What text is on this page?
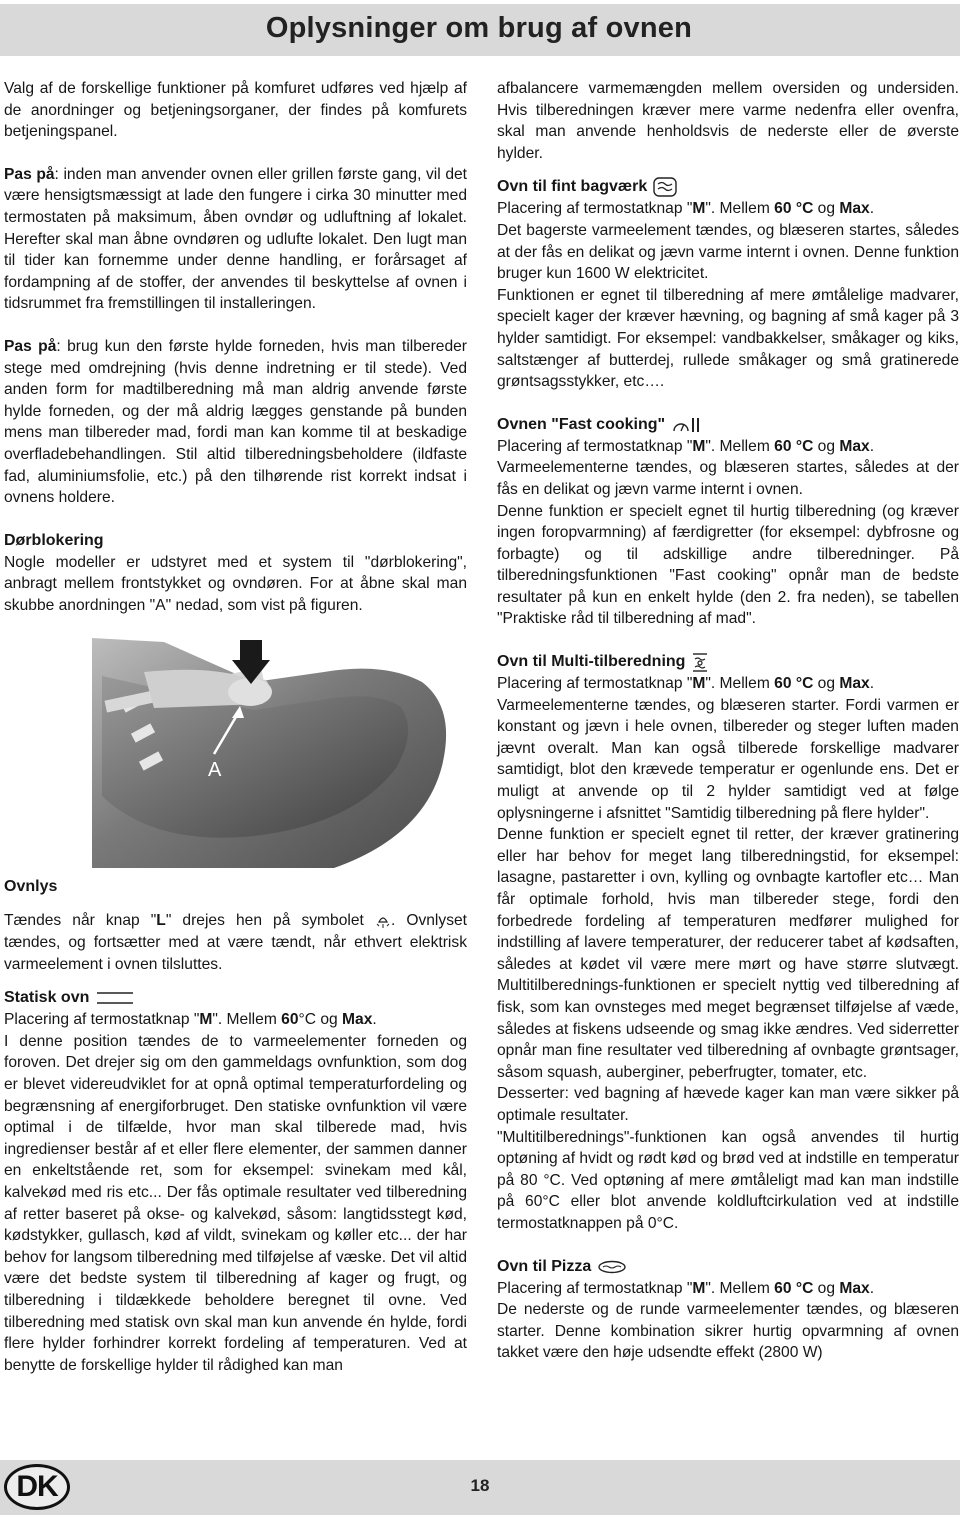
Oplysninger om brug af ovnen

Valg af de forskellige funktioner på komfuret udføres ved hjælp af de anordninger og betjeningsorganer, der findes på komfurets betjeningspanel.

Pas på: inden man anvender ovnen eller grillen første gang, vil det være hensigtsmæssigt at lade den fungere i cirka 30 minutter med termostaten på maksimum, åben ovndør og udluftning af lokalet. Herefter skal man åbne ovndøren og udlufte lokalet. Den lugt man til tider kan fornemme under denne handling, er forårsaget af fordampning af de stoffer, der anvendes til beskyttelse af ovnen i tidsrummet fra fremstillingen til installeringen.

Pas på: brug kun den første hylde forneden, hvis man tilbereder stege med omdrejning (hvis denne indretning er til stede). Ved anden form for madtilberedning må man aldrig anvende første hylde forneden, og der må aldrig lægges genstande på bunden mens man tilbereder mad, fordi man kan komme til at beskadige overfladebehandlingen. Stil altid tilberedningsbeholdere (ildfaste fad, aluminiumsfolie, etc.) på den tilhørende rist korrekt indsat i ovnens holdere.

Dørblokering

Nogle modeller er udstyret med et system til "dørblokering", anbragt mellem frontstykket og ovndøren. For at åbne skal man skubbe anordningen "A" nedad, som vist på figuren.

A
Ovnlys

Tændes når knap "L" drejes hen på symbolet . Ovnlyset tændes, og fortsætter med at være tændt, når ethvert elektrisk varmeelement i ovnen tilsluttes.

Statisk ovn

Placering af termostatknap "M". Mellem 60°C og Max.

I denne position tændes de to varmeelementer forneden og foroven. Det drejer sig om den gammeldags ovnfunktion, som dog er blevet videreudviklet for at opnå optimal temperaturfordeling og begrænsning af energiforbruget. Den statiske ovnfunktion vil være optimal i de tilfælde, hvor man skal tilberede mad, hvis ingredienser består af et eller flere elementer, der sammen danner en enkeltstående ret, som for eksempel: svinekam med kål, kalvekød med ris etc... Der fås optimale resultater ved tilberedning af retter baseret på okse- og kalvekød, såsom: langtidsstegt kød, kødstykker, gullasch, kød af vildt, svinekam og køller etc... der har behov for langsom tilberedning med tilføjelse af væske. Det vil altid være det bedste system til tilberedning af kager og frugt, og tilberedning i tildækkede beholdere beregnet til ovne. Ved tilberedning med statisk ovn skal man kun anvende én hylde, fordi flere hylder forhindrer korrekt fordeling af temperaturen. Ved at benytte de forskellige hylder til rådighed kan man

afbalancere varmemængden mellem oversiden og undersiden. Hvis tilberedningen kræver mere varme nedenfra eller ovenfra, skal man anvende henholdsvis de nederste eller de øverste hylder.

Ovn til fint bagværk

Placering af termostatknap "M". Mellem 60 °C og Max.

Det bagerste varmeelement tændes, og blæseren startes, således at der fås en delikat og jævn varme internt i ovnen. Denne funktion bruger kun 1600 W elektricitet.

Funktionen er egnet til tilberedning af mere ømtålelige madvarer, specielt kager der kræver hævning, og bagning af små kager på 3 hylder samtidigt. For eksempel: vandbakkelser, småkager og kiks, saltstænger af butterdej, rullede småkager og små gratinerede grøntsagsstykker, etc….

Ovnen "Fast cooking"

Placering af termostatknap "M". Mellem 60 °C og Max.

Varmeelementerne tændes, og blæseren startes, således at der fås en delikat og jævn varme internt i ovnen.

Denne funktion er specielt egnet til hurtig tilberedning (og kræver ingen foropvarmning) af færdigretter (for eksempel: dybfrosne og forbagte) og til adskillige andre tilberedninger. På tilberedningsfunktionen "Fast cooking" opnår man de bedste resultater på kun en enkelt hylde (den 2. fra neden), se tabellen "Praktiske råd til tilberedning af mad".

Ovn til Multi-tilberedning

Placering af termostatknap "M". Mellem 60 °C og Max.

Varmeelementerne tændes, og blæseren starter. Fordi varmen er konstant og jævn i hele ovnen, tilbereder og steger luften maden jævnt overalt. Man kan også tilberede forskellige madvarer samtidigt, blot den krævede temperatur er ogenlunde ens. Det er muligt at anvende op til 2 hylder samtidigt ved at følge oplysningerne i afsnittet "Samtidig tilberedning på flere hylder".

Denne funktion er specielt egnet til retter, der kræver gratinering eller har behov for meget lang tilberedningstid, for eksempel: lasagne, pastaretter i ovn, kylling og ovnbagte kartofler etc… Man får optimale forhold, hvis man tilbereder stege, fordi den forbedrede fordeling af temperaturen medfører mulighed for indstilling af lavere temperaturer, der reducerer tabet af kødsaften, således at kødet vil være mere mørt og have større slutvægt. Multitilberednings-funktionen er specielt nyttig ved tilberedning af fisk, som kan ovnsteges med meget begrænset tilføjelse af væde, således at fiskens udseende og smag ikke ændres. Ved siderretter opnår man fine resultater ved tilberedning af ovnbagte grøntsager, såsom squash, auberginer, peberfrugter, tomater, etc.

Desserter: ved bagning af hævede kager kan man være sikker på optimale resultater.

"Multitilberednings"-funktionen kan også anvendes til hurtig optøning af hvidt og rødt kød og brød ved at indstille en temperatur på 80 °C. Ved optøning af mere ømtåleligt mad kan man indstille på 60°C eller blot anvende koldluftcirkulation ved at indstille termostatknappen på 0°C.

Ovn til Pizza

Placering af termostatknap "M". Mellem 60 °C og Max.

De nederste og de runde varmeelementer tændes, og blæseren starter. Denne kombination sikrer hurtig opvarmning af ovnen takket være den høje udsendte effekt (2800 W)

DK	18
